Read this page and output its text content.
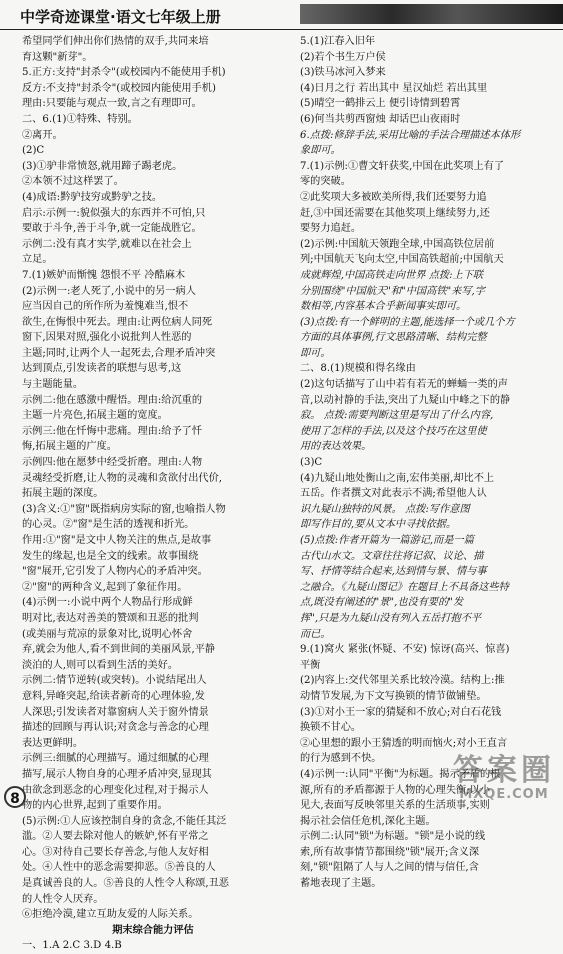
中学奇迹课堂·语文七年级上册
希望同学们伸出你们热情的双手,共同来培
育这颗"新芽"。
5.正方:支持"封杀令"(或校园内不能使用手机)
反方:不支持"封杀令"(或校园内能使用手机)
理由:只要能与观点一致,言之有理即可。
二、6.(1)①特殊、特别。
②离开。
(2)C
(3)①驴非常愤怒,就用蹄子踢老虎。
②本领不过这样罢了。
(4)成语:黔驴技穷或黔驴之技。
启示:示例一:貌似强大的东西并不可怕,只
要敢于斗争,善于斗争,就一定能战胜它。
示例二:没有真才实学,就难以在社会上
立足。
7.(1)嫉妒而惭愧 怨恨不平 冷酷麻木
(2)示例一:老人死了,小说中的另一病人
应当因自己的所作所为羞愧难当,恨不
欲生,在悔恨中死去。理由:让两位病人同死
窗下,因果对照,强化小说批判人性恶的
主题;同时,让两个人一起死去,合理矛盾冲突
达到顶点,引发读者的联想与思考,这
与主题能量。
示例二:他在感激中醒悟。理由:给沉重的
主题一片亮色,拓展主题的宽度。
示例三:他在忏悔中悲痛。理由:给予了忏
悔,拓展主题的广度。
示例四:他在愿梦中经受折磨。理由:人物
灵魂经受折磨,让人物的灵魂和贪欲付出代价,
拓展主题的深度。
(3)含义:①"窗"既指病房实际的窗,也喻指人物
的心灵。②"窗"是生活的透视和折光。
作用:①"窗"是文中人物关注的焦点,是故事
发生的缘起,也是全文的线索。故事围绕
"窗"展开,它引发了人物内心的矛盾冲突。
②"窗"的两种含义,起到了象征作用。
(4)示例一:小说中两个人物品行形成鲜
明对比,表达对善美的赞颂和丑恶的批判
(或美丽与荒凉的景象对比,说明心怀舍
弃,就会为他人,看不到世间的美丽风景,平静
淡泊的人,则可以看到生活的美好。
示例二:情节逆转(或突转)。小说结尾出人
意料,异峰突起,给读者新奇的心理体验,发
人深思;引发读者对靠窗病人关于窗外情景
描述的回顾与再认识;对贪念与善念的心理
表达更鲜明。
示例三:细腻的心理描写。通过细腻的心理
描写,展示人物自身的心理矛盾冲突,显现其
由欲念到恶念的心理变化过程,对于揭示人
物的内心世界,起到了重要作用。
(5)示例:①人应该控制自身的贪念,不能任其泛
滥。②人要去除对他人的嫉妒,怀有平常之
心。③对待自己要长存善念,与他人友好相
处。④人性中的恶念需要抑恶。⑤善良的人
是真诚善良的人。⑤善良的人性令人称颂,丑恶
的人性令人厌弃。
⑥拒绝冷漠,建立互助友爱的人际关系。
期末综合能力评估
一、1.A 2.C 3.D 4.B
5.(1)江春入旧年
(2)若个书生万户侯
(3)铁马冰河入梦来
(4)日月之行 若出其中 星汉灿烂 若出其里
(5)晴空一鹤排云上 便引诗情到碧霄
(6)何当共剪西窗烛 却话巴山夜雨时
6.点拨:修辞手法,采用比喻的手法合理描述本体形
象即可。
7.(1)示例:①曹文轩获奖,中国在此奖项上有了
零的突破。
②此奖项大多被欧美所得,我们还要努力追
赶,③中国还需要在其他奖项上继续努力,还
要努力追赶。
(2)示例:中国航天领跑全球,中国高铁位居前
列;中国航天飞向太空,中国高铁超前;中国航天
成就辉煌,中国高铁走向世界 点拨:上下联
分别围绕"中国航天"和"中国高铁"来写,字
数相等,内容基本合乎新闻事实即可。
(3)点拨:有一个鲜明的主题,能选择一个或几个方
方面的具体事例,行文思路清晰、结构完整
即可。
二、8.(1)规模和得名缘由
(2)这句话描写了山中若有若无的蝉蛹一类的声
音,以动衬静的手法,突出了九疑山中峰之下的静
寂。 点拨:需要判断这里是写出了什么内容,
使用了怎样的手法,以及这个技巧在这里使
用的表达效果。
(3)C
(4)九疑山地处衡山之南,宏伟美丽,却比不上
五岳。作者撰文对此表示不满;希望他人认
识九疑山独特的风景。 点拨:写作意图
即写作目的,要从文本中寻找依据。
(5)点拨:作者开篇为一篇游记,而是一篇
古代山水文。文章往往将记叙、议论、描
写、抒情等结合起来,达到情与景、情与事
之融合。《九疑山图记》在题目上不具备这些特
点,既没有阐述的"景",也没有要的"发
挥",只是为九疑山没有列入五岳打抱不平
而已。
9.(1)窝火 紧张(怀疑、不安) 惊讶(高兴、惊喜)
平衡
(2)内容上:交代邻里关系比较冷漠。结构上:推
动情节发展,为下文写换锁的情节做铺垫。
(3)①对小王一家的猜疑和不放心;对白石花钱
换锁不甘心。
②心里想的跟小王猜透的明而恼火;对小王直言
的行为感到不快。
(4)示例一:认同"平衡"为标题。揭示矛盾的根
源,所有的矛盾都源于人物的心理失衡;以小
见大,表面写反映邻里关系的生活琐事,实则
揭示社会信任危机,深化主题。
示例二:认同"锁"为标题。"锁"是小说的线
索,所有故事情节都围绕"锁"展开;含义深
刻,"锁"阻隔了人与人之间的情与信任,含
蓄地表现了主题。
8
答案圈
MXQE.COM
